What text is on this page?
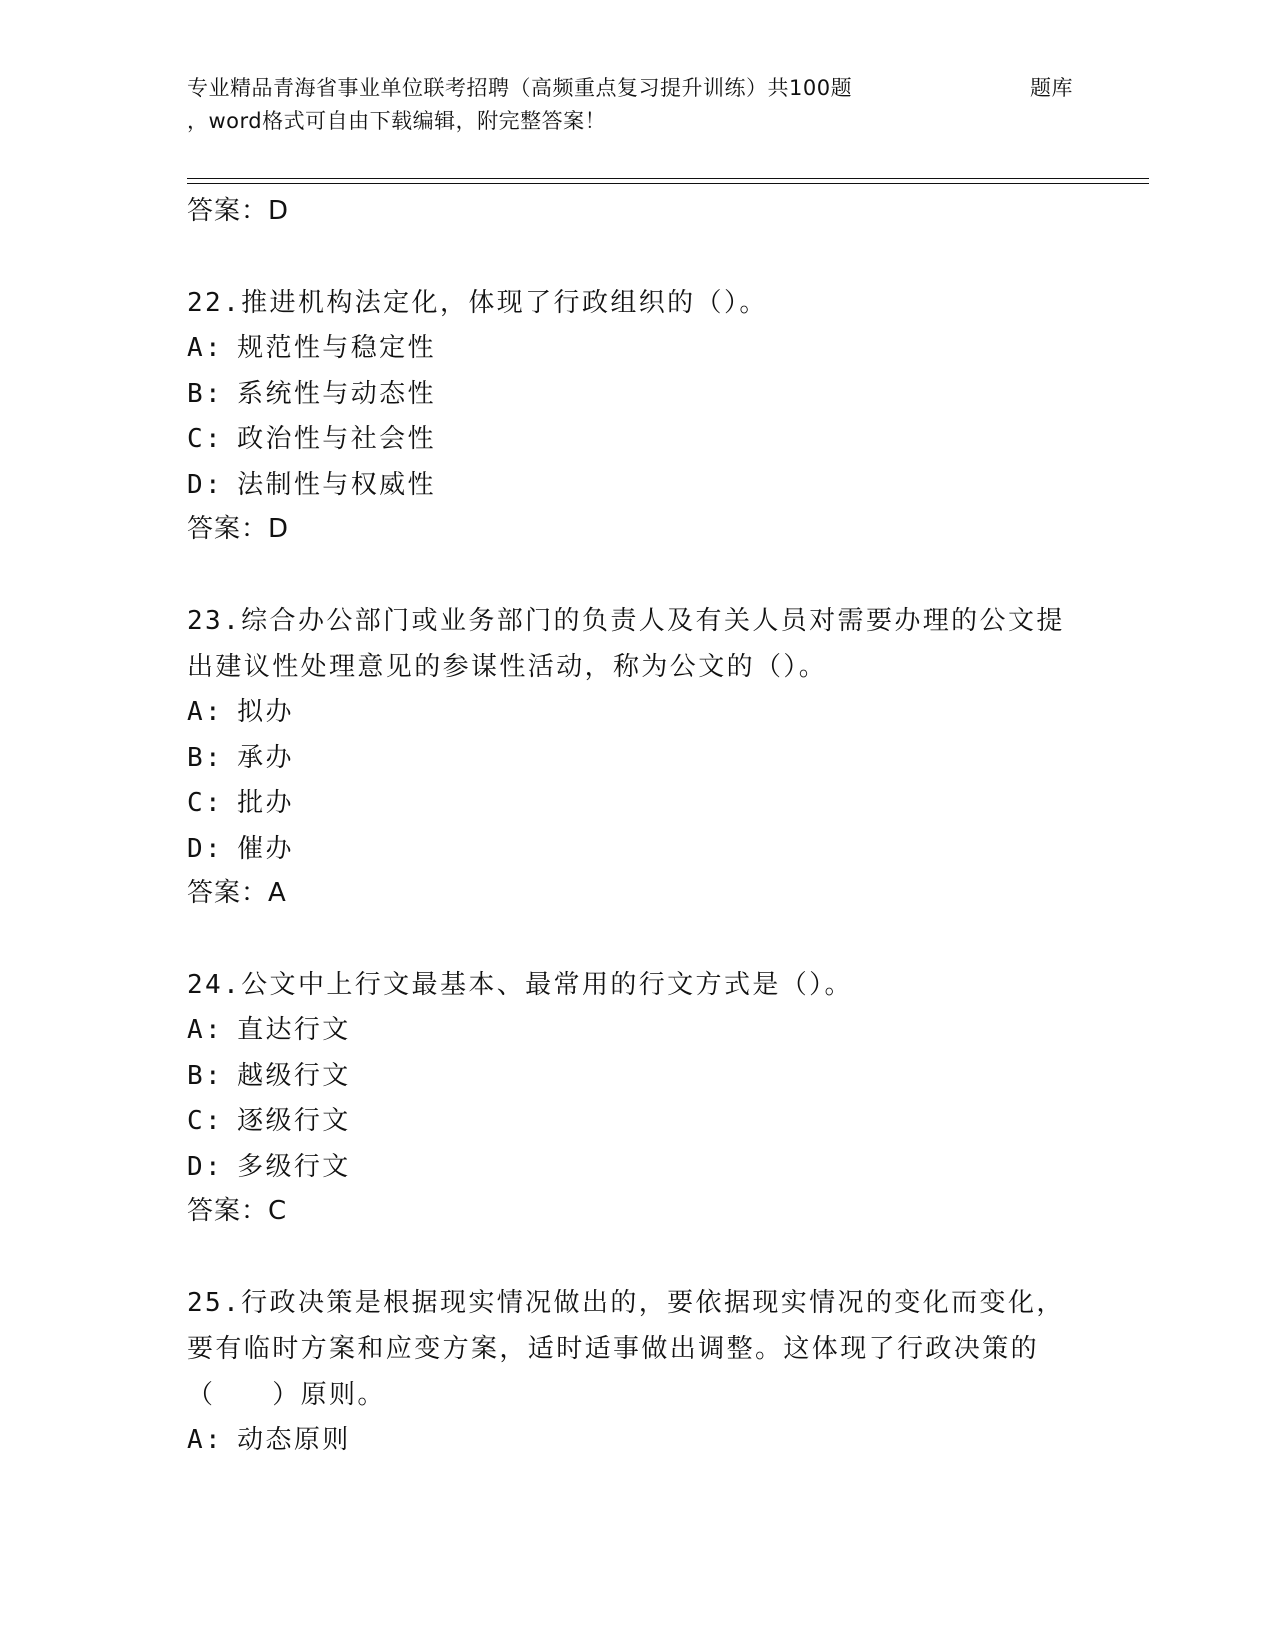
专业精品青海省事业单位联考招聘（高频重点复习提升训练）共100题	题库
，word格式可自由下载编辑，附完整答案！
答案：D
22.推进机构法定化，体现了行政组织的（）。
A: 规范性与稳定性
B: 系统性与动态性
C: 政治性与社会性
D: 法制性与权威性
答案：D
23.综合办公部门或业务部门的负责人及有关人员对需要办理的公文提出建议性处理意见的参谋性活动，称为公文的（）。
A: 拟办
B: 承办
C: 批办
D: 催办
答案：A
24.公文中上行文最基本、最常用的行文方式是（）。
A: 直达行文
B: 越级行文
C: 逐级行文
D: 多级行文
答案：C
25.行政决策是根据现实情况做出的，要依据现实情况的变化而变化，要有临时方案和应变方案，适时适事做出调整。这体现了行政决策的（　　）原则。
A: 动态原则
